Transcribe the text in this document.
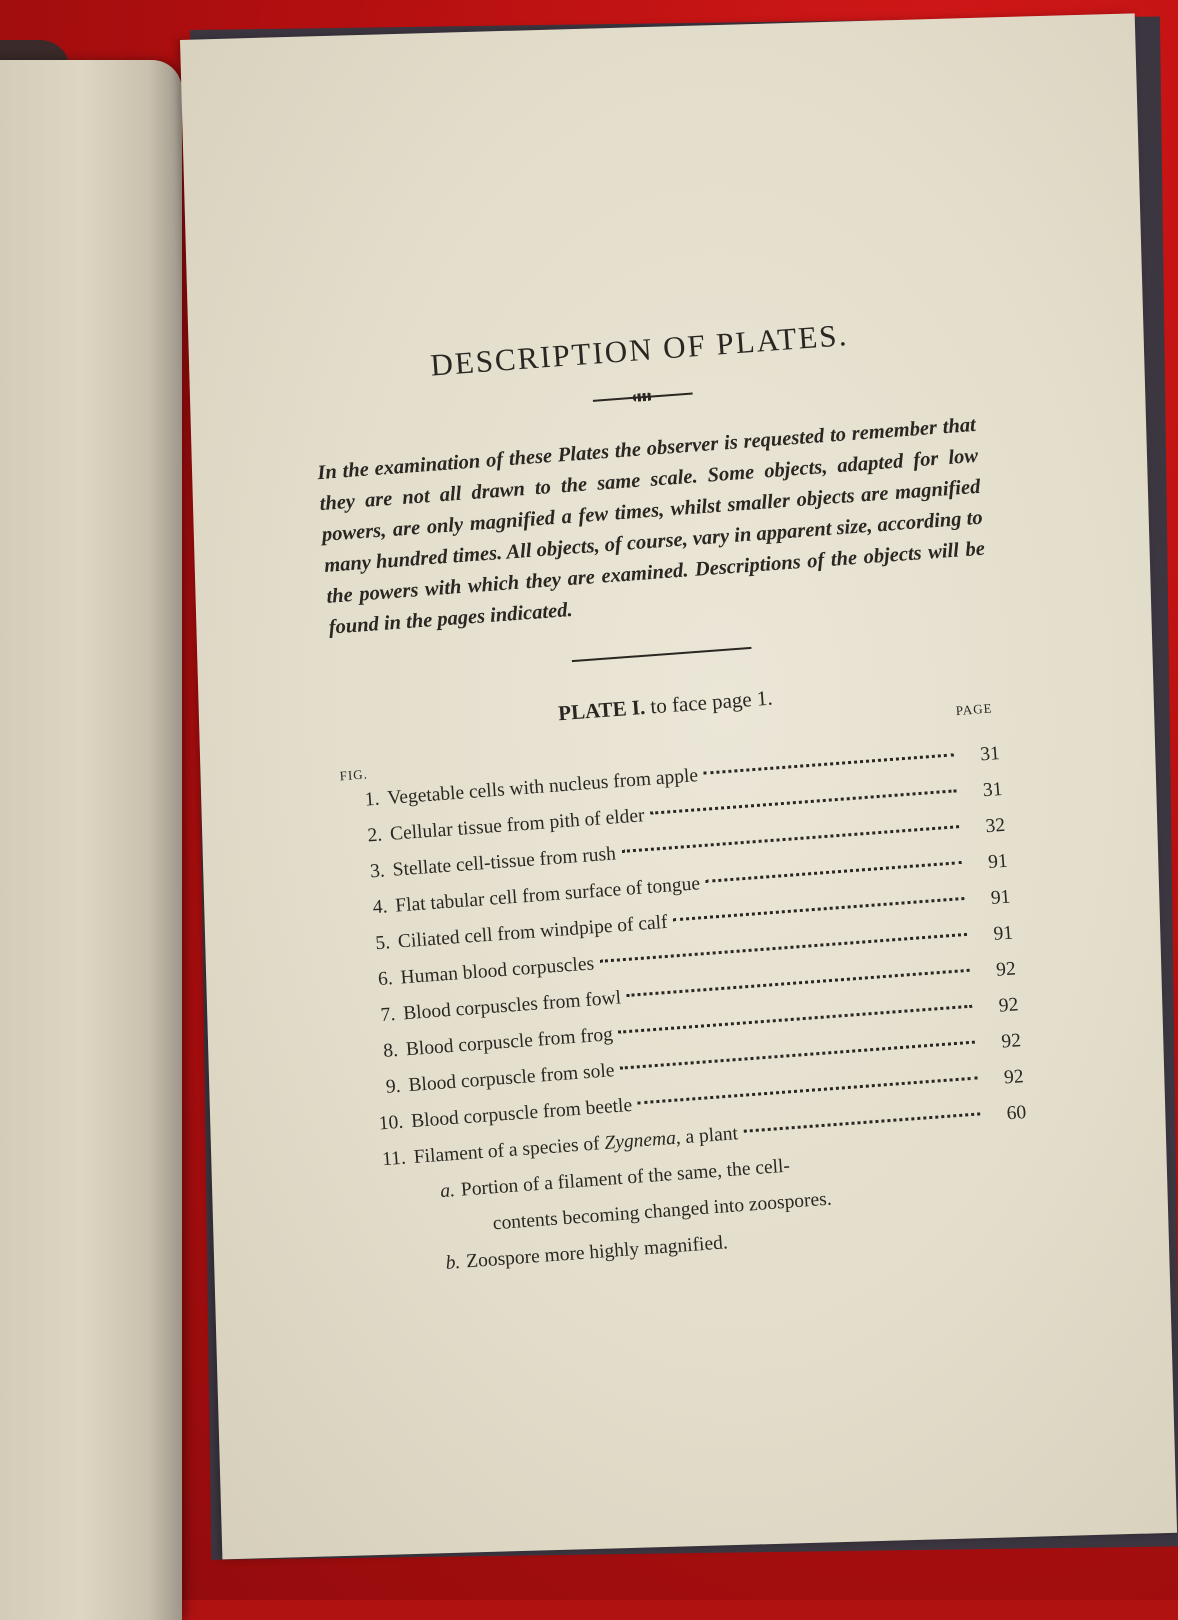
DESCRIPTION OF PLATES.

In the examination of these Plates the observer is requested to remember that they are not all drawn to the same scale. Some objects, adapted for low powers, are only magnified a few times, whilst smaller objects are magnified many hundred times. All objects, of course, vary in apparent size, according to the powers with which they are examined. Descriptions of the objects will be found in the pages indicated.

PLATE I. to face page 1.
FIG.
PAGE
1. Vegetable cells with nucleus from apple
31
2. Cellular tissue from pith of elder
31
3. Stellate cell-tissue from rush
32
4. Flat tabular cell from surface of tongue
91
5. Ciliated cell from windpipe of calf
91
6. Human blood corpuscles
91
7. Blood corpuscles from fowl
92
8. Blood corpuscle from frog
92
9. Blood corpuscle from sole
92
10. Blood corpuscle from beetle
92
11. Filament of a species of Zygnema, a plant
60
a. Portion of a filament of the same, the cell-
contents becoming changed into zoospores.
b. Zoospore more highly magnified.
